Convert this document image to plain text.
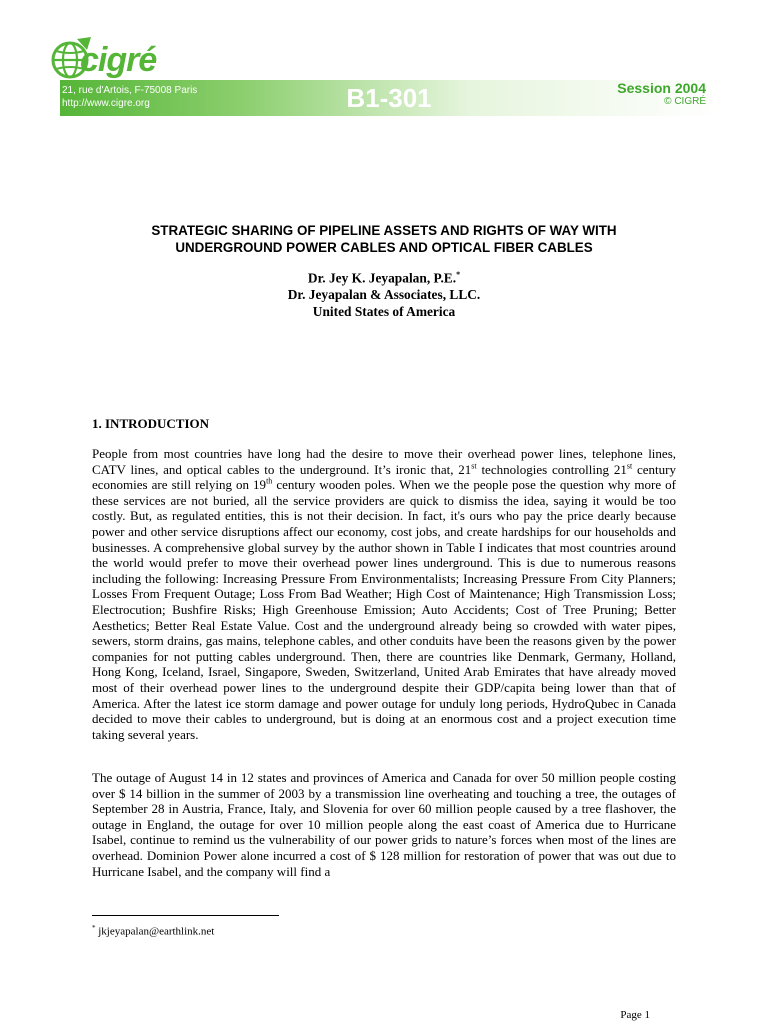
cigré
21, rue d'Artois, F-75008 Paris
http://www.cigre.org	B1-301	Session 2004
© CIGRÉ
STRATEGIC SHARING OF PIPELINE ASSETS AND RIGHTS OF WAY WITH
UNDERGROUND POWER CABLES AND OPTICAL FIBER CABLES
Dr. Jey K. Jeyapalan, P.E.*
Dr. Jeyapalan & Associates, LLC.
United States of America
1. INTRODUCTION

People from most countries have long had the desire to move their overhead power lines, telephone lines, CATV lines, and optical cables to the underground. It’s ironic that, 21st technologies controlling 21st century economies are still relying on 19th century wooden poles. When we the people pose the question why more of these services are not buried, all the service providers are quick to dismiss the idea, saying it would be too costly. But, as regulated entities, this is not their decision. In fact, it's ours who pay the price dearly because power and other service disruptions affect our economy, cost jobs, and create hardships for our households and businesses. A comprehensive global survey by the author shown in Table I indicates that most countries around the world would prefer to move their overhead power lines underground. This is due to numerous reasons including the following: Increasing Pressure From Environmentalists; Increasing Pressure From City Planners; Losses From Frequent Outage; Loss From Bad Weather; High Cost of Maintenance; High Transmission Loss; Electrocution; Bushfire Risks; High Greenhouse Emission; Auto Accidents; Cost of Tree Pruning; Better Aesthetics; Better Real Estate Value. Cost and the underground already being so crowded with water pipes, sewers, storm drains, gas mains, telephone cables, and other conduits have been the reasons given by the power companies for not putting cables underground. Then, there are countries like Denmark, Germany, Holland, Hong Kong, Iceland, Israel, Singapore, Sweden, Switzerland, United Arab Emirates that have already moved most of their overhead power lines to the underground despite their GDP/capita being lower than that of America. After the latest ice storm damage and power outage for unduly long periods, HydroQubec in Canada decided to move their cables to underground, but is doing at an enormous cost and a project execution time taking several years.

The outage of August 14 in 12 states and provinces of America and Canada for over 50 million people costing over $ 14 billion in the summer of 2003 by a transmission line overheating and touching a tree, the outages of September 28 in Austria, France, Italy, and Slovenia for over 60 million people caused by a tree flashover, the outage in England, the outage for over 10 million people along the east coast of America due to Hurricane Isabel, continue to remind us the vulnerability of our power grids to nature’s forces when most of the lines are overhead. Dominion Power alone incurred a cost of $ 128 million for restoration of power that was out due to Hurricane Isabel, and the company will find a

* jkjeyapalan@earthlink.net
Page 1
